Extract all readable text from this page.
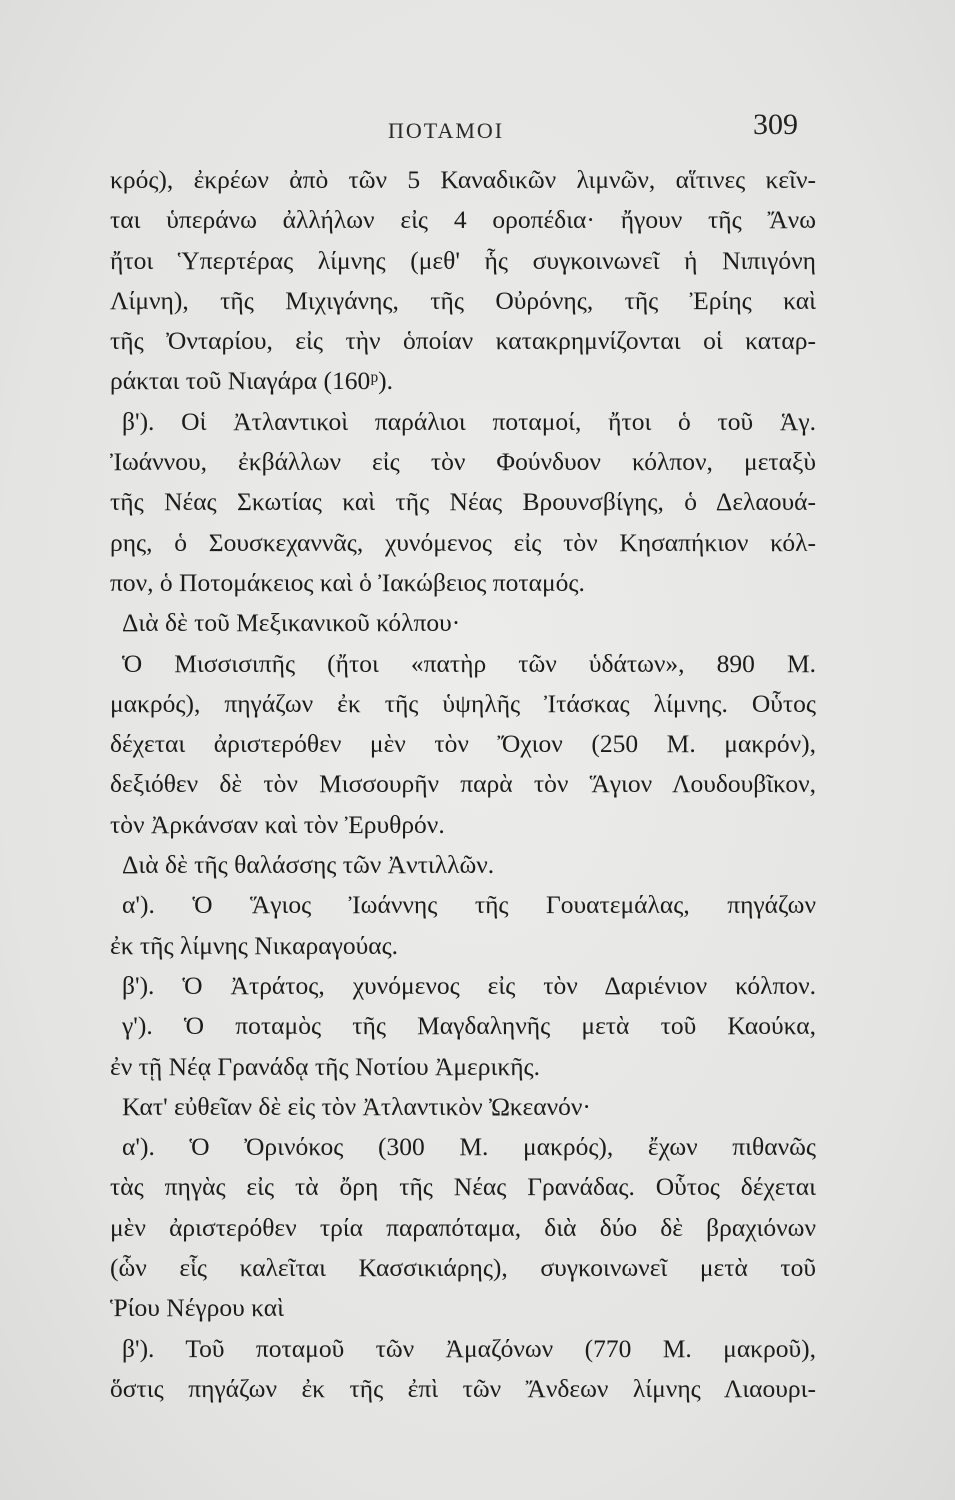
ΠΟΤΑΜΟΙ	309
κρός), ἐκρέων ἀπὸ τῶν 5 Καναδικῶν λιμνῶν, αἵτινες κεῖν-
ται ὑπεράνω ἀλλήλων εἰς 4 οροπέδια· ἤγουν τῆς Ἄνω
ἤτοι Ὑπερτέρας λίμνης (μεθ' ἧς συγκοινωνεῖ ἡ Νιπιγόνη
Λίμνη), τῆς Μιχιγάνης, τῆς Οὐρόνης, τῆς Ἐρίης καὶ
τῆς Ὀνταρίου, εἰς τὴν ὁποίαν κατακρημνίζονται οἱ καταρ-
ράκται τοῦ Νιαγάρα (160ᵖ).
β'). Οἱ Ἀτλαντικοὶ παράλιοι ποταμοί, ἤτοι ὁ τοῦ Ἁγ.
Ἰωάννου, ἐκβάλλων εἰς τὸν Φούνδυον κόλπον, μεταξὺ
τῆς Νέας Σκωτίας καὶ τῆς Νέας Βρουνσβίγης, ὁ Δελαουά-
ρης, ὁ Σουσκεχαννᾶς, χυνόμενος εἰς τὸν Κησαπήκιον κόλ-
πον, ὁ Ποτομάκειος καὶ ὁ Ἰακώβειος ποταμός.
Διὰ δὲ τοῦ Μεξικανικοῦ κόλπου·
Ὁ Μισσισιπῆς (ἤτοι «πατὴρ τῶν ὑδάτων», 890 Μ.
μακρός), πηγάζων ἐκ τῆς ὑψηλῆς Ἰτάσκας λίμνης. Οὗτος
δέχεται ἀριστερόθεν μὲν τὸν Ὄχιον (250 Μ. μακρόν),
δεξιόθεν δὲ τὸν Μισσουρῆν παρὰ τὸν Ἅγιον Λουδουβῖκον,
τὸν Ἀρκάνσαν καὶ τὸν Ἐρυθρόν.
Διὰ δὲ τῆς θαλάσσης τῶν Ἀντιλλῶν.
α'). Ὁ Ἅγιος Ἰωάννης τῆς Γουατεμάλας, πηγάζων
ἐκ τῆς λίμνης Νικαραγούας.
β'). Ὁ Ἀτράτος, χυνόμενος εἰς τὸν Δαριένιον κόλπον.
γ'). Ὁ ποταμὸς τῆς Μαγδαληνῆς μετὰ τοῦ Καούκα,
ἐν τῇ Νέᾳ Γρανάδᾳ τῆς Νοτίου Ἀμερικῆς.
Κατ' εὐθεῖαν δὲ εἰς τὸν Ἀτλαντικὸν Ὠκεανόν·
α'). Ὁ Ὀρινόκος (300 Μ. μακρός), ἔχων πιθανῶς
τὰς πηγὰς εἰς τὰ ὄρη τῆς Νέας Γρανάδας. Οὗτος δέχεται
μὲν ἀριστερόθεν τρία παραπόταμα, διὰ δύο δὲ βραχιόνων
(ὧν εἷς καλεῖται Κασσικιάρης), συγκοινωνεῖ μετὰ τοῦ
Ῥίου Νέγρου καὶ
β'). Τοῦ ποταμοῦ τῶν Ἀμαζόνων (770 Μ. μακροῦ),
ὅστις πηγάζων ἐκ τῆς ἐπὶ τῶν Ἄνδεων λίμνης Λιαουρι-
